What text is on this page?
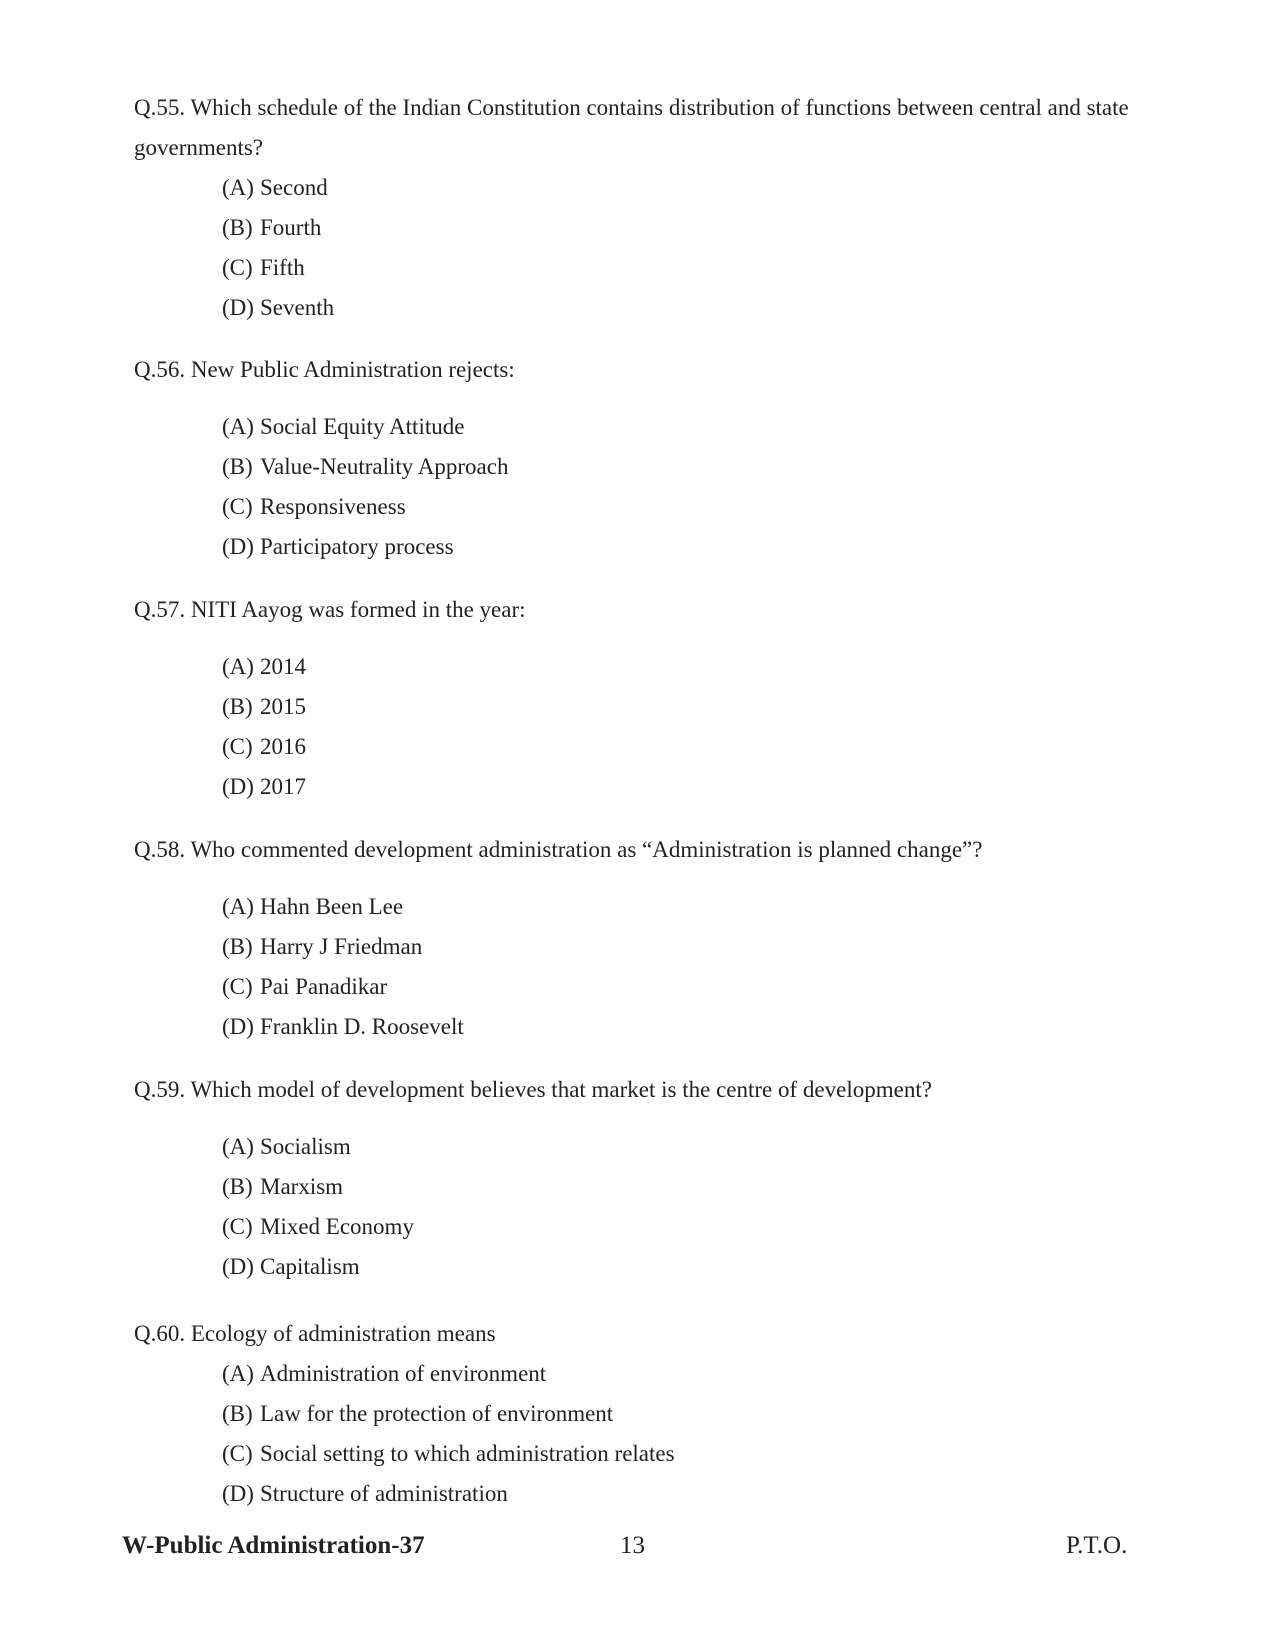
Q.55. Which schedule of the Indian Constitution contains distribution of functions between central and state governments?

(A) Second
(B) Fourth
(C) Fifth
(D) Seventh

Q.56. New Public Administration rejects:

(A) Social Equity Attitude
(B) Value-Neutrality Approach
(C) Responsiveness
(D) Participatory process

Q.57. NITI Aayog was formed in the year:

(A) 2014
(B) 2015
(C) 2016
(D) 2017

Q.58. Who commented development administration as “Administration is planned change”?

(A) Hahn Been Lee
(B) Harry J Friedman
(C) Pai Panadikar
(D) Franklin D. Roosevelt

Q.59. Which model of development believes that market is the centre of development?

(A) Socialism
(B) Marxism
(C) Mixed Economy
(D) Capitalism

Q.60. Ecology of administration means

(A) Administration of environment
(B) Law for the protection of environment
(C) Social setting to which administration relates
(D) Structure of administration
W-Public Administration-37	13	P.T.O.
